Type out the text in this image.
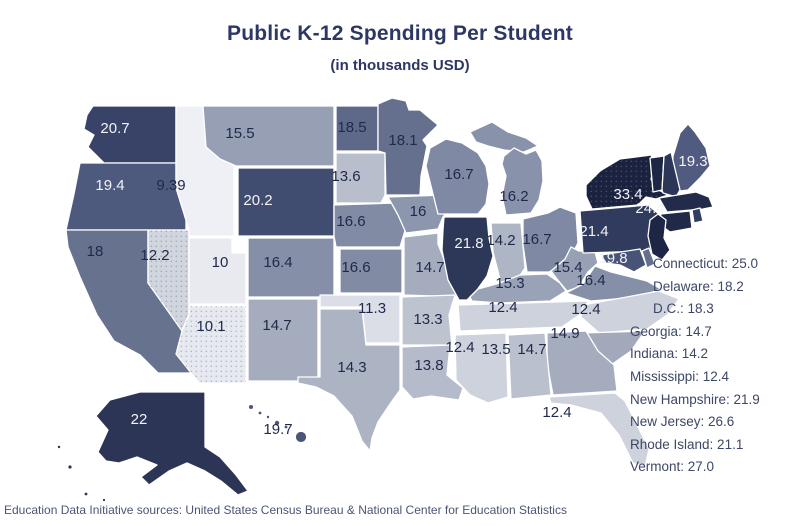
Public K-12 Spending Per Student
(in thousands USD)
20.7
19.4
18 12.2
9.39
15.5
20.2
10 16.4
10.1 14.7
18.5
13.6
16.6
16.6
11.3
14.3
18.1
16
14.7
13.3
13.8
16.7
16.2
21.8 14.2 16.7
15.3
12.4
15.4
16.4
12.4
14.9
14.7
13.5
12.4
12.4
33.4
21.4
19.3
24.4
19.8
22
19.7
Connecticut: 25.0
Delaware: 18.2
D.C.: 18.3
Georgia: 14.7
Indiana: 14.2
Mississippi: 12.4
New Hampshire: 21.9
New Jersey: 26.6
Rhode Island: 21.1
Vermont: 27.0
Education Data Initiative sources: United States Census Bureau & National Center for Education Statistics
